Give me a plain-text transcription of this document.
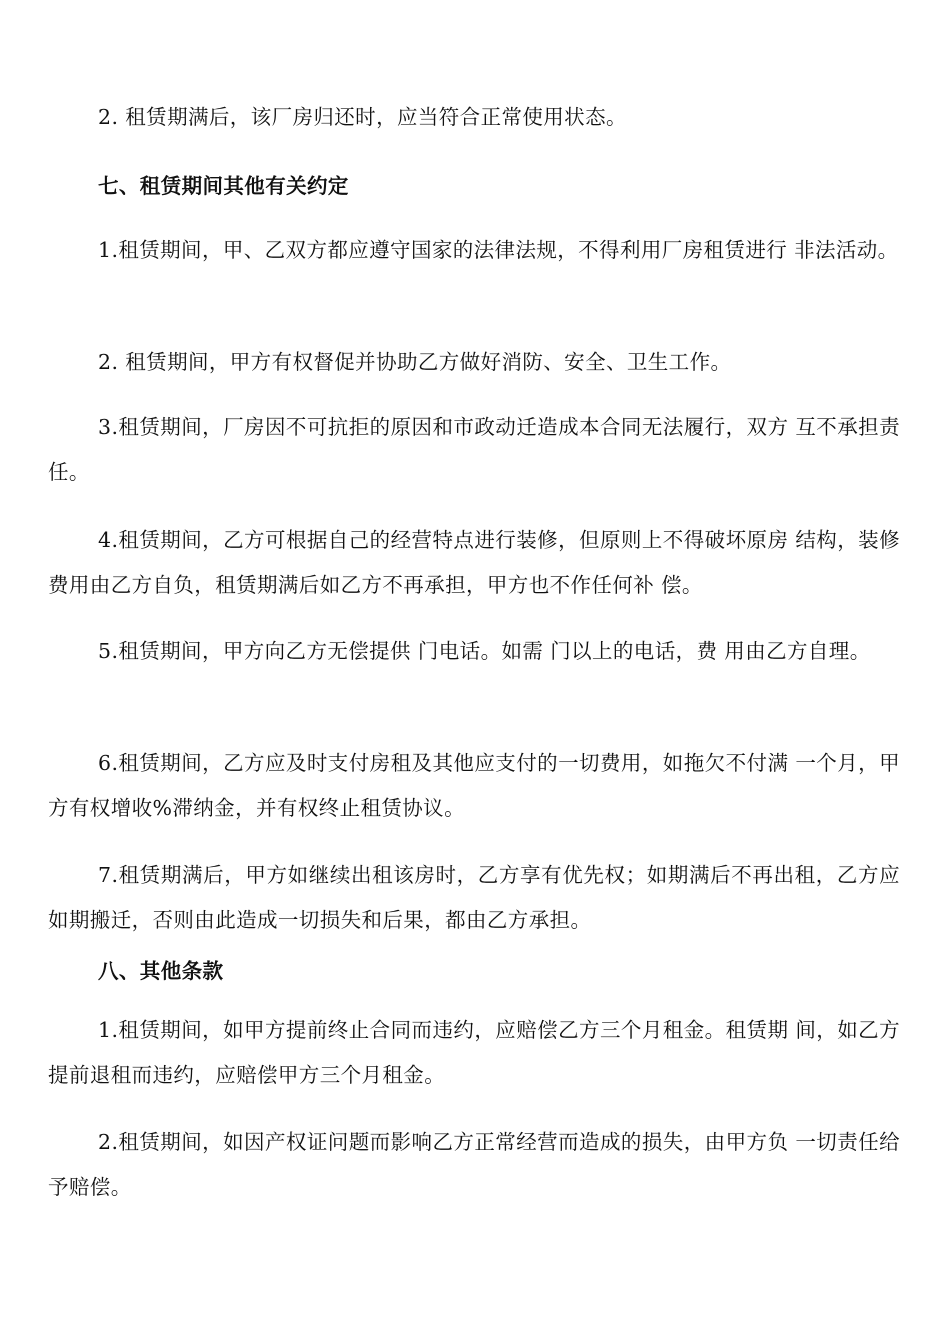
2. 租赁期满后，该厂房归还时，应当符合正常使用状态。

七、租赁期间其他有关约定

1.租赁期间，甲、乙双方都应遵守国家的法律法规，不得利用厂房租赁进行 非法活动。

2. 租赁期间，甲方有权督促并协助乙方做好消防、安全、卫生工作。

3.租赁期间，厂房因不可抗拒的原因和市政动迁造成本合同无法履行，双方 互不承担责任。

4.租赁期间，乙方可根据自己的经营特点进行装修，但原则上不得破坏原房 结构，装修费用由乙方自负，租赁期满后如乙方不再承担，甲方也不作任何补 偿。

5.租赁期间，甲方向乙方无偿提供 门电话。如需 门以上的电话，费 用由乙方自理。

6.租赁期间，乙方应及时支付房租及其他应支付的一切费用，如拖欠不付满 一个月，甲方有权增收%滞纳金，并有权终止租赁协议。

7.租赁期满后，甲方如继续出租该房时，乙方享有优先权；如期满后不再出租，乙方应如期搬迁，否则由此造成一切损失和后果，都由乙方承担。

八、其他条款

1.租赁期间，如甲方提前终止合同而违约，应赔偿乙方三个月租金。租赁期 间，如乙方提前退租而违约，应赔偿甲方三个月租金。

2.租赁期间，如因产权证问题而影响乙方正常经营而造成的损失，由甲方负 一切责任给予赔偿。
